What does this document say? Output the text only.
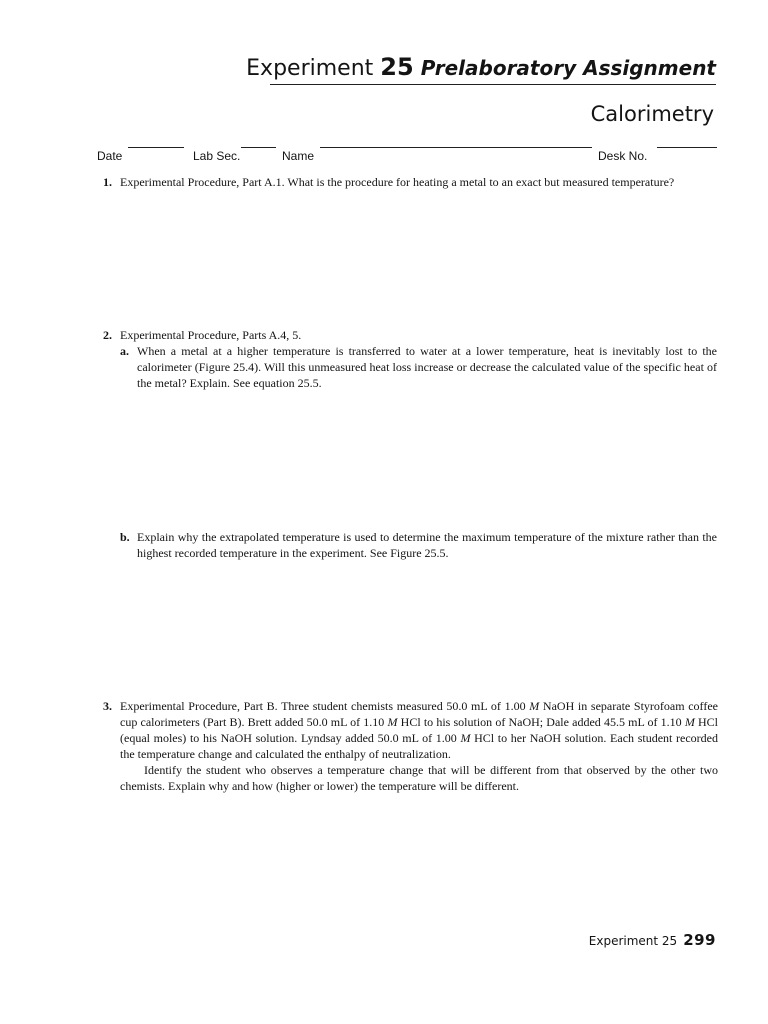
Experiment 25 Prelaboratory Assignment
Calorimetry
Date	Lab Sec.	Name	Desk No.
1. Experimental Procedure, Part A.1. What is the procedure for heating a metal to an exact but measured temperature?
2. Experimental Procedure, Parts A.4, 5.
a. When a metal at a higher temperature is transferred to water at a lower temperature, heat is inevitably lost to the calorimeter (Figure 25.4). Will this unmeasured heat loss increase or decrease the calculated value of the specific heat of the metal? Explain. See equation 25.5.
b. Explain why the extrapolated temperature is used to determine the maximum temperature of the mixture rather than the highest recorded temperature in the experiment. See Figure 25.5.
3. Experimental Procedure, Part B. Three student chemists measured 50.0 mL of 1.00 M NaOH in separate Styrofoam coffee cup calorimeters (Part B). Brett added 50.0 mL of 1.10 M HCl to his solution of NaOH; Dale added 45.5 mL of 1.10 M HCl (equal moles) to his NaOH solution. Lyndsay added 50.0 mL of 1.00 M HCl to her NaOH solution. Each student recorded the temperature change and calculated the enthalpy of neutralization.
Identify the student who observes a temperature change that will be different from that observed by the other two chemists. Explain why and how (higher or lower) the temperature will be different.
Experiment 25 299
